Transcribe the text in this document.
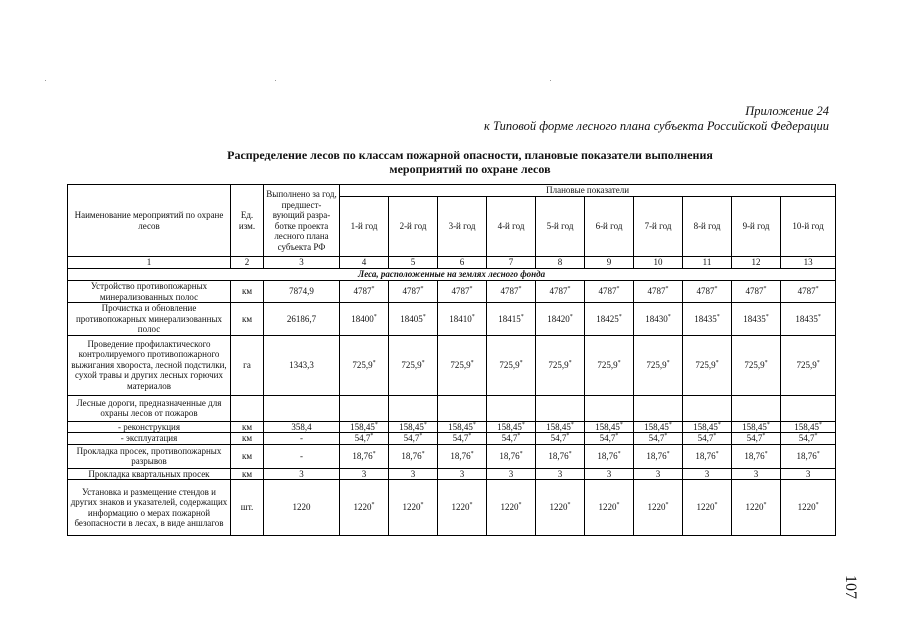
Приложение 24
к Типовой форме лесного плана субъекта Российской Федерации
Распределение лесов по классам пожарной опасности, плановые показатели выполнения
мероприятий по охране лесов
Наименование мероприятий по охране лесов	Ед. изм.	Выполнено за год, предшест-вующий разра-ботке проекта лесного плана субъекта РФ	Плановые показатели									
			1-й год	2-й год	3-й год	4-й год	5-й год	6-й год	7-й год	8-й год	9-й год	10-й год
1	2	3	4	5	6	7	8	9	10	11	12	13
Леса, расположенные на землях лесного фонда												
Устройство противопожарных минерализованных полос	км	7874,9	4787*	4787*	4787*	4787*	4787*	4787*	4787*	4787*	4787*	4787*
Прочистка и обновление противопожарных минерализованных полос	км	26186,7	18400*	18405*	18410*	18415*	18420*	18425*	18430*	18435*	18435*	18435*
Проведение профилактического контролируемого противопожарного выжигания хвороста, лесной подстилки, сухой травы и других лесных горючих материалов	га	1343,3	725,9*	725,9*	725,9*	725,9*	725,9*	725,9*	725,9*	725,9*	725,9*	725,9*
Лесные дороги, предназначенные для охраны лесов от пожаров												
- реконструкция	км	358,4	158,45*	158,45*	158,45*	158,45*	158,45*	158,45*	158,45*	158,45*	158,45*	158,45*
- эксплуатация	км	-	54,7*	54,7*	54,7*	54,7*	54,7*	54,7*	54,7*	54,7*	54,7*	54,7*
Прокладка просек, противопожарных разрывов	км	-	18,76*	18,76*	18,76*	18,76*	18,76*	18,76*	18,76*	18,76*	18,76*	18,76*
Прокладка квартальных просек	км	3	3	3	3	3	3	3	3	3	3	3
Установка и размещение стендов и других знаков и указателей, содержащих информацию о мерах пожарной безопасности в лесах, в виде аншлагов	шт.	1220	1220*	1220*	1220*	1220*	1220*	1220*	1220*	1220*	1220*	1220*
107
